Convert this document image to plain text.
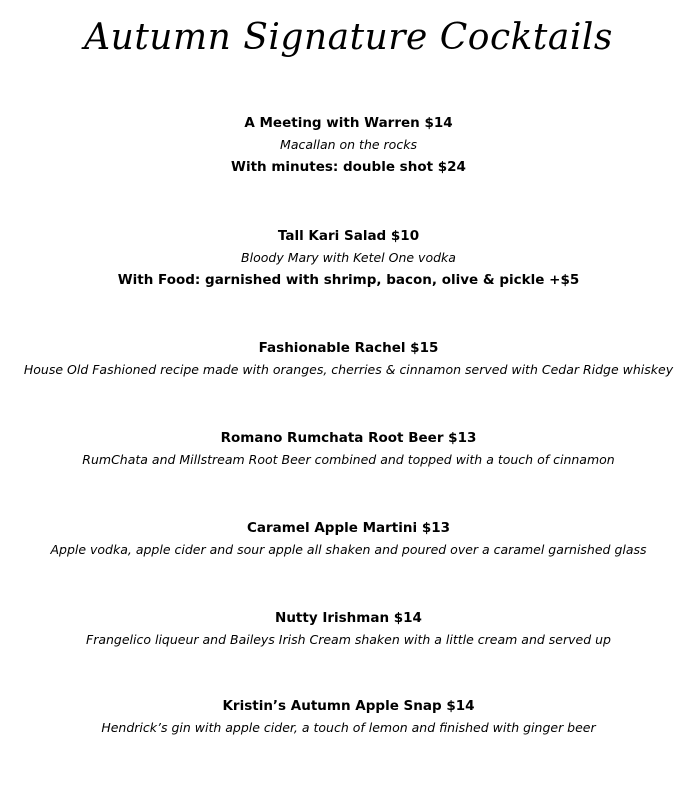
Autumn Signature Cocktails
A Meeting with Warren $14
Macallan on the rocks
With minutes: double shot $24
Tall Kari Salad $10
Bloody Mary with Ketel One vodka
With Food: garnished with shrimp, bacon, olive & pickle +$5
Fashionable Rachel $15
House Old Fashioned recipe made with oranges, cherries & cinnamon served with Cedar Ridge whiskey
Romano Rumchata Root Beer $13
RumChata and Millstream Root Beer combined and topped with a touch of cinnamon
Caramel Apple Martini $13
Apple vodka, apple cider and sour apple all shaken and poured over a caramel garnished glass
Nutty Irishman $14
Frangelico liqueur and Baileys Irish Cream shaken with a little cream and served up
Kristin’s Autumn Apple Snap $14
Hendrick’s gin with apple cider, a touch of lemon and finished with ginger beer
